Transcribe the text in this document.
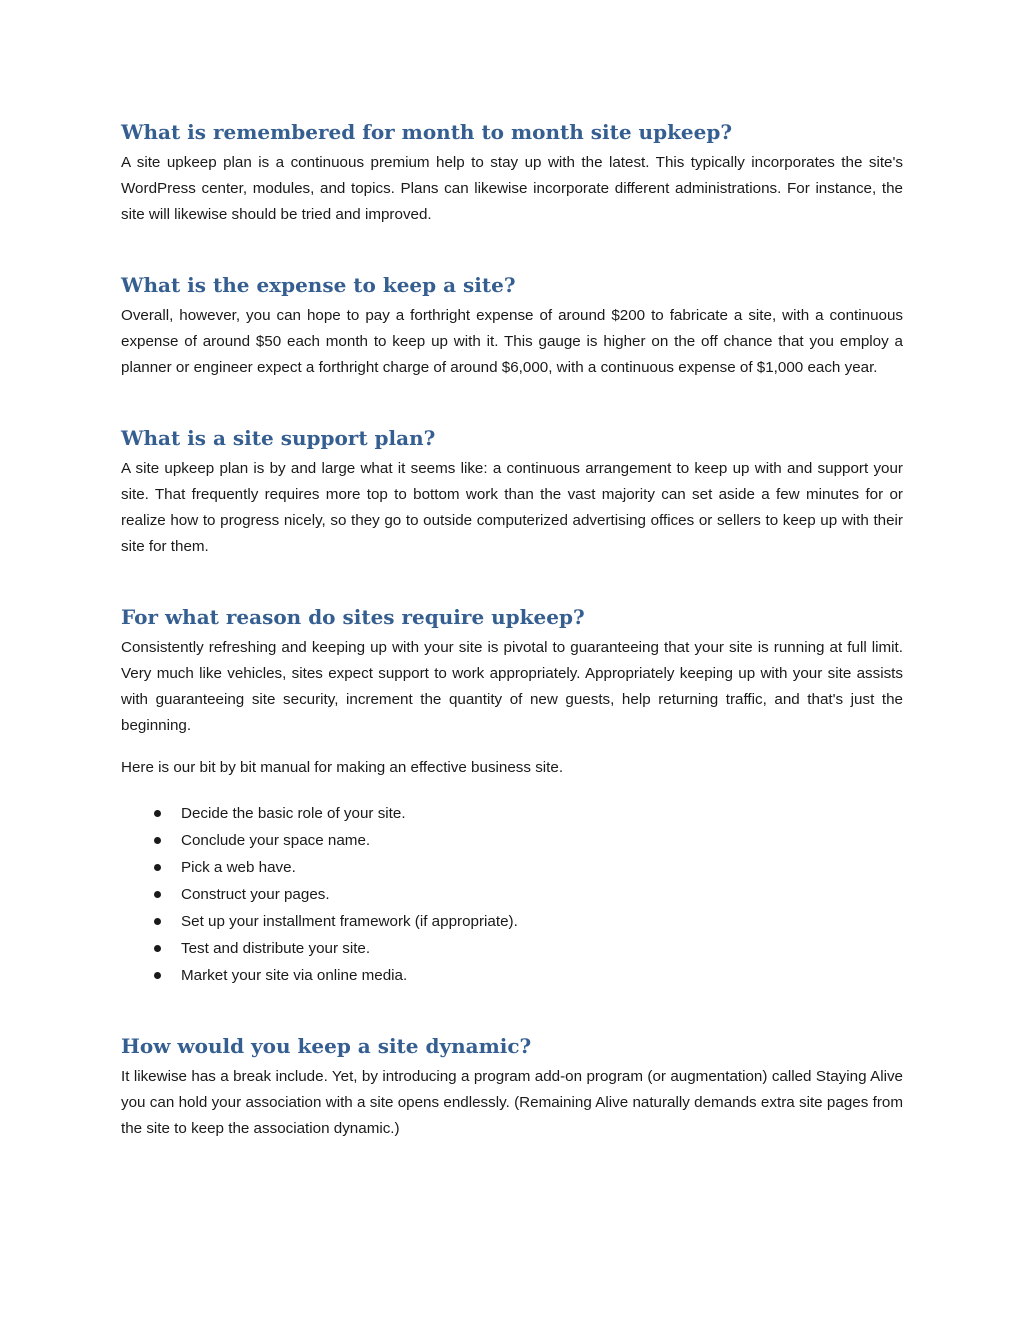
What is remembered for month to month site upkeep?

A site upkeep plan is a continuous premium help to stay up with the latest. This typically incorporates the site's WordPress center, modules, and topics. Plans can likewise incorporate different administrations. For instance, the site will likewise should be tried and improved.

What is the expense to keep a site?

Overall, however, you can hope to pay a forthright expense of around $200 to fabricate a site, with a continuous expense of around $50 each month to keep up with it. This gauge is higher on the off chance that you employ a planner or engineer expect a forthright charge of around $6,000, with a continuous expense of $1,000 each year.

What is a site support plan?

A site upkeep plan is by and large what it seems like: a continuous arrangement to keep up with and support your site. That frequently requires more top to bottom work than the vast majority can set aside a few minutes for or realize how to progress nicely, so they go to outside computerized advertising offices or sellers to keep up with their site for them.

For what reason do sites require upkeep?

Consistently refreshing and keeping up with your site is pivotal to guaranteeing that your site is running at full limit. Very much like vehicles, sites expect support to work appropriately. Appropriately keeping up with your site assists with guaranteeing site security, increment the quantity of new guests, help returning traffic, and that's just the beginning.

Here is our bit by bit manual for making an effective business site.

Decide the basic role of your site.
Conclude your space name.
Pick a web have.
Construct your pages.
Set up your installment framework (if appropriate).
Test and distribute your site.
Market your site via online media.
How would you keep a site dynamic?

It likewise has a break include. Yet, by introducing a program add-on program (or augmentation) called Staying Alive you can hold your association with a site opens endlessly. (Remaining Alive naturally demands extra site pages from the site to keep the association dynamic.)
